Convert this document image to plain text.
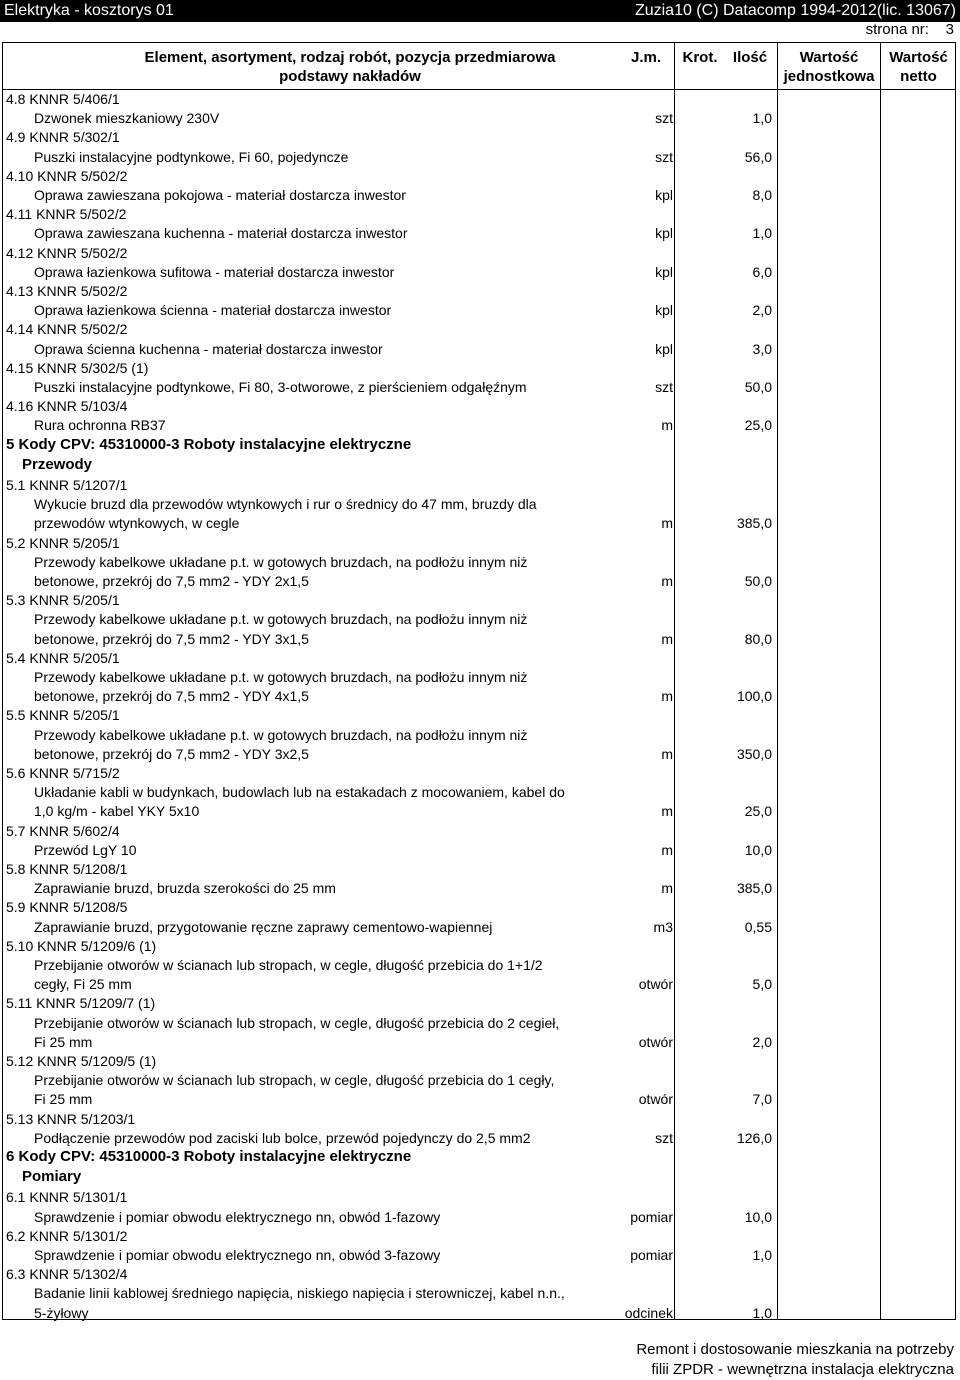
Elektryka - kosztorys 01	Zuzia10 (C) Datacomp 1994-2012(lic. 13067)
strona nr: 3
Element, asortyment, rodzaj robót, pozycja przedmiarowa
podstawy nakładów
J.m.	Krot.	Ilość	Wartość
jednostkowa
Wartość
netto
4.8 KNNR 5/406/1
Dzwonek mieszkaniowy 230V	szt	1,0
4.9 KNNR 5/302/1
Puszki instalacyjne podtynkowe, Fi 60, pojedyncze	szt	56,0
4.10 KNNR 5/502/2
Oprawa zawieszana pokojowa - materiał dostarcza inwestor	kpl	8,0
4.11 KNNR 5/502/2
Oprawa zawieszana kuchenna - materiał dostarcza inwestor	kpl	1,0
4.12 KNNR 5/502/2
Oprawa łazienkowa sufitowa - materiał dostarcza inwestor	kpl	6,0
4.13 KNNR 5/502/2
Oprawa łazienkowa ścienna - materiał dostarcza inwestor	kpl	2,0
4.14 KNNR 5/502/2
Oprawa ścienna kuchenna - materiał dostarcza inwestor	kpl	3,0
4.15 KNNR 5/302/5 (1)
Puszki instalacyjne podtynkowe, Fi 80, 3-otworowe, z pierścieniem odgałęźnym	szt	50,0
4.16 KNNR 5/103/4
Rura ochronna RB37	m	25,0
5 Kody CPV: 45310000-3 Roboty instalacyjne elektryczne
Przewody
5.1 KNNR 5/1207/1
Wykucie bruzd dla przewodów wtynkowych i rur o średnicy do 47 mm, bruzdy dla
przewodów wtynkowych, w cegle	m	385,0
5.2 KNNR 5/205/1
Przewody kabelkowe układane p.t. w gotowych bruzdach, na podłożu innym niż
betonowe, przekrój do 7,5 mm2 - YDY 2x1,5	m	50,0
5.3 KNNR 5/205/1
Przewody kabelkowe układane p.t. w gotowych bruzdach, na podłożu innym niż
betonowe, przekrój do 7,5 mm2 - YDY 3x1,5	m	80,0
5.4 KNNR 5/205/1
Przewody kabelkowe układane p.t. w gotowych bruzdach, na podłożu innym niż
betonowe, przekrój do 7,5 mm2 - YDY 4x1,5	m	100,0
5.5 KNNR 5/205/1
Przewody kabelkowe układane p.t. w gotowych bruzdach, na podłożu innym niż
betonowe, przekrój do 7,5 mm2 - YDY 3x2,5	m	350,0
5.6 KNNR 5/715/2
Układanie kabli w budynkach, budowlach lub na estakadach z mocowaniem, kabel do
1,0 kg/m - kabel YKY 5x10	m	25,0
5.7 KNNR 5/602/4
Przewód LgY 10	m	10,0
5.8 KNNR 5/1208/1
Zaprawianie bruzd, bruzda szerokości do 25 mm	m	385,0
5.9 KNNR 5/1208/5
Zaprawianie bruzd, przygotowanie ręczne zaprawy cementowo-wapiennej	m3	0,55
5.10 KNNR 5/1209/6 (1)
Przebijanie otworów w ścianach lub stropach, w cegle, długość przebicia do 1+1/2
cegły, Fi 25 mm	otwór	5,0
5.11 KNNR 5/1209/7 (1)
Przebijanie otworów w ścianach lub stropach, w cegle, długość przebicia do 2 cegieł,
Fi 25 mm	otwór	2,0
5.12 KNNR 5/1209/5 (1)
Przebijanie otworów w ścianach lub stropach, w cegle, długość przebicia do 1 cegły,
Fi 25 mm	otwór	7,0
5.13 KNNR 5/1203/1
Podłączenie przewodów pod zaciski lub bolce, przewód pojedynczy do 2,5 mm2	szt	126,0
6 Kody CPV: 45310000-3 Roboty instalacyjne elektryczne
Pomiary
6.1 KNNR 5/1301/1
Sprawdzenie i pomiar obwodu elektrycznego nn, obwód 1-fazowy	pomiar	10,0
6.2 KNNR 5/1301/2
Sprawdzenie i pomiar obwodu elektrycznego nn, obwód 3-fazowy	pomiar	1,0
6.3 KNNR 5/1302/4
Badanie linii kablowej średniego napięcia, niskiego napięcia i sterowniczej, kabel n.n.,
5-żyłowy	odcinek	1,0
Remont i dostosowanie mieszkania na potrzeby
filii ZPDR - wewnętrzna instalacja elektryczna
